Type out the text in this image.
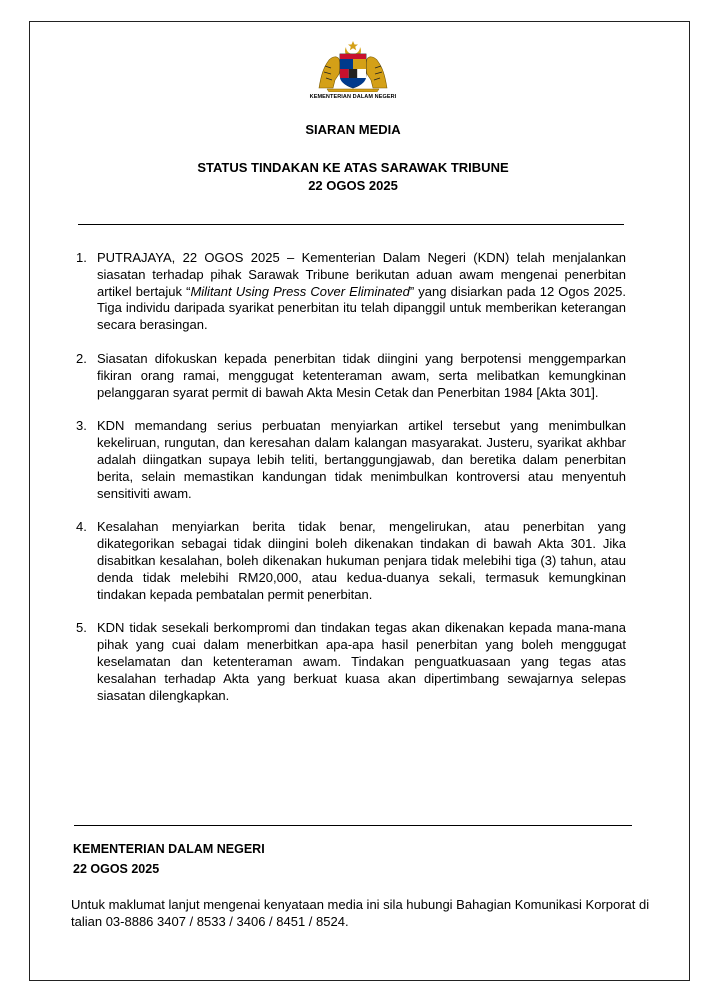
KEMENTERIAN DALAM NEGERI
SIARAN MEDIA
STATUS TINDAKAN KE ATAS SARAWAK TRIBUNE
22 OGOS 2025
1. PUTRAJAYA, 22 OGOS 2025 – Kementerian Dalam Negeri (KDN) telah menjalankan siasatan terhadap pihak Sarawak Tribune berikutan aduan awam mengenai penerbitan artikel bertajuk “Militant Using Press Cover Eliminated” yang disiarkan pada 12 Ogos 2025. Tiga individu daripada syarikat penerbitan itu telah dipanggil untuk memberikan keterangan secara berasingan.
2. Siasatan difokuskan kepada penerbitan tidak diingini yang berpotensi menggemparkan fikiran orang ramai, menggugat ketenteraman awam, serta melibatkan kemungkinan pelanggaran syarat permit di bawah Akta Mesin Cetak dan Penerbitan 1984 [Akta 301].
3. KDN memandang serius perbuatan menyiarkan artikel tersebut yang menimbulkan kekeliruan, rungutan, dan keresahan dalam kalangan masyarakat. Justeru, syarikat akhbar adalah diingatkan supaya lebih teliti, bertanggungjawab, dan beretika dalam penerbitan berita, selain memastikan kandungan tidak menimbulkan kontroversi atau menyentuh sensitiviti awam.
4. Kesalahan menyiarkan berita tidak benar, mengelirukan, atau penerbitan yang dikategorikan sebagai tidak diingini boleh dikenakan tindakan di bawah Akta 301. Jika disabitkan kesalahan, boleh dikenakan hukuman penjara tidak melebihi tiga (3) tahun, atau denda tidak melebihi RM20,000, atau kedua-duanya sekali, termasuk kemungkinan tindakan kepada pembatalan permit penerbitan.
5. KDN tidak sesekali berkompromi dan tindakan tegas akan dikenakan kepada mana-mana pihak yang cuai dalam menerbitkan apa-apa hasil penerbitan yang boleh menggugat keselamatan dan ketenteraman awam. Tindakan penguatkuasaan yang tegas atas kesalahan terhadap Akta yang berkuat kuasa akan dipertimbang sewajarnya selepas siasatan dilengkapkan.
KEMENTERIAN DALAM NEGERI
22 OGOS 2025
Untuk maklumat lanjut mengenai kenyataan media ini sila hubungi Bahagian Komunikasi Korporat di talian 03-8886 3407 / 8533 / 3406 / 8451 / 8524.
